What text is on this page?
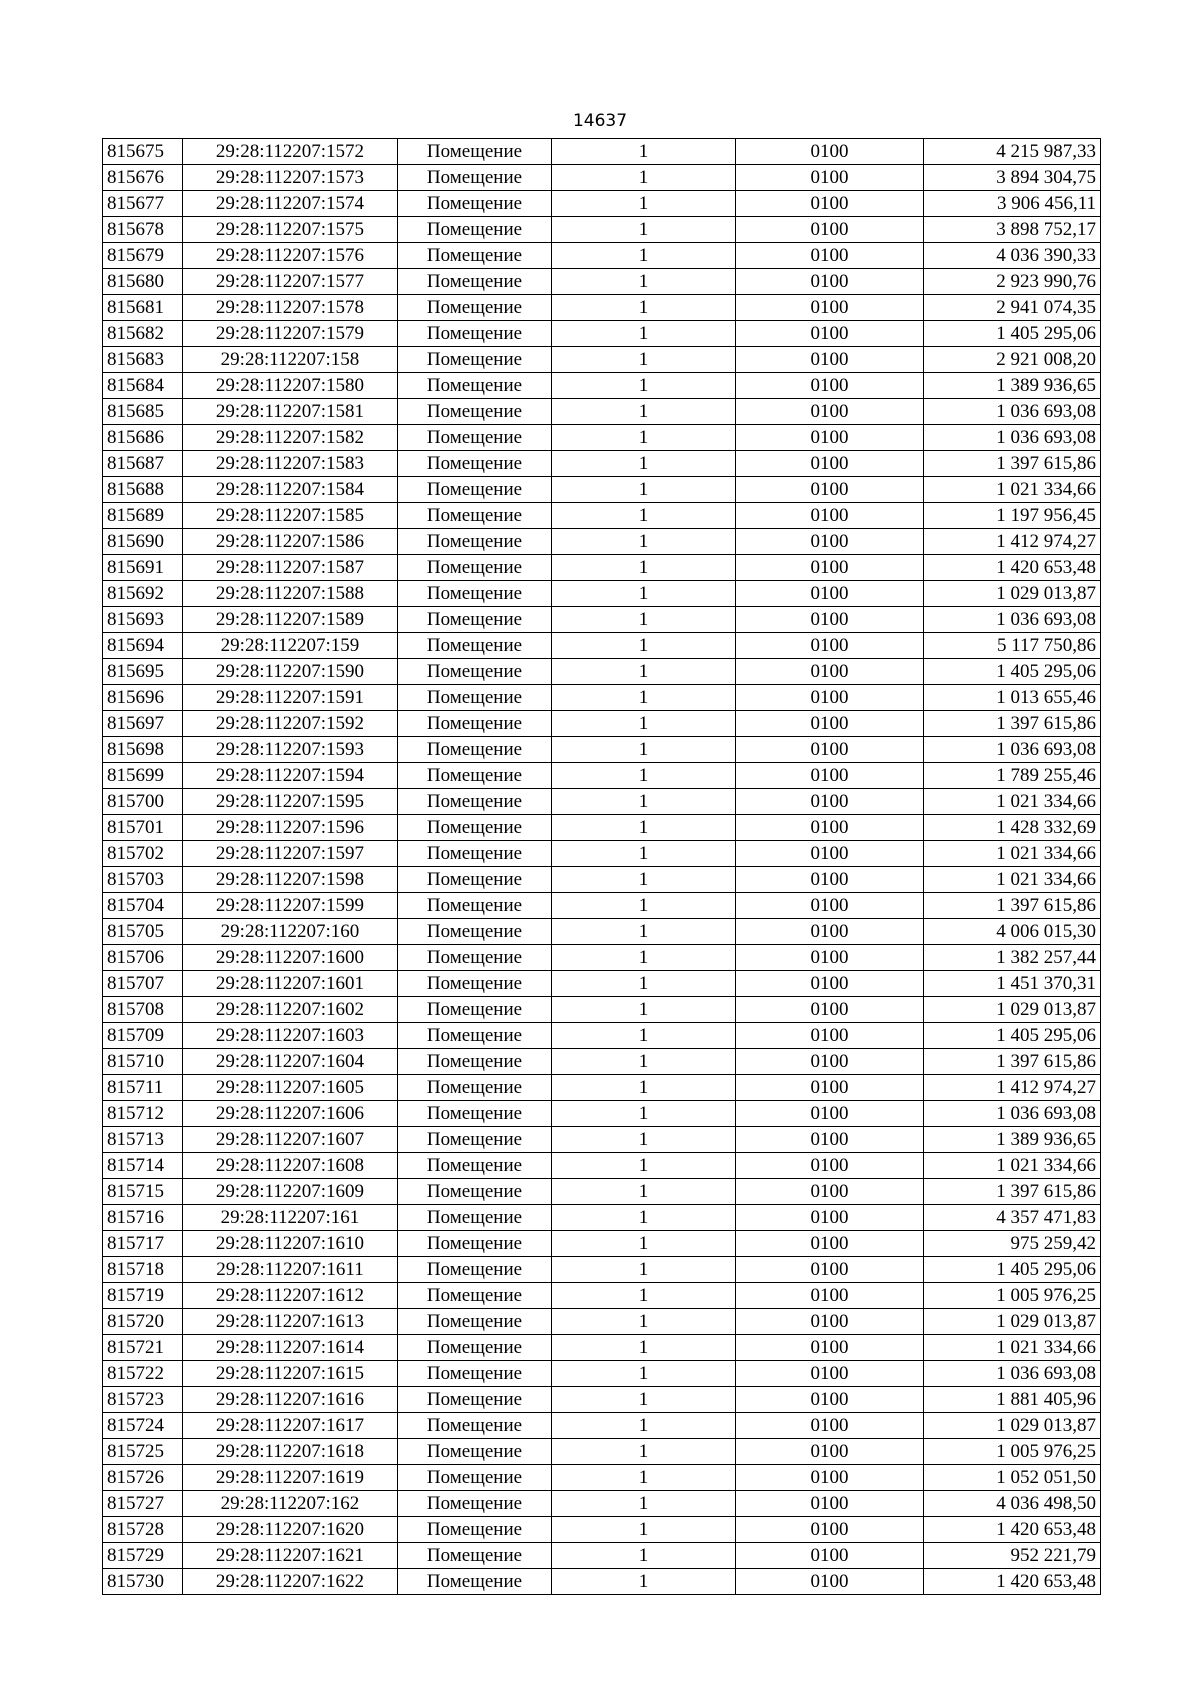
14637
815675	29:28:112207:1572	Помещение	1	0100	4 215 987,33
815676	29:28:112207:1573	Помещение	1	0100	3 894 304,75
815677	29:28:112207:1574	Помещение	1	0100	3 906 456,11
815678	29:28:112207:1575	Помещение	1	0100	3 898 752,17
815679	29:28:112207:1576	Помещение	1	0100	4 036 390,33
815680	29:28:112207:1577	Помещение	1	0100	2 923 990,76
815681	29:28:112207:1578	Помещение	1	0100	2 941 074,35
815682	29:28:112207:1579	Помещение	1	0100	1 405 295,06
815683	29:28:112207:158	Помещение	1	0100	2 921 008,20
815684	29:28:112207:1580	Помещение	1	0100	1 389 936,65
815685	29:28:112207:1581	Помещение	1	0100	1 036 693,08
815686	29:28:112207:1582	Помещение	1	0100	1 036 693,08
815687	29:28:112207:1583	Помещение	1	0100	1 397 615,86
815688	29:28:112207:1584	Помещение	1	0100	1 021 334,66
815689	29:28:112207:1585	Помещение	1	0100	1 197 956,45
815690	29:28:112207:1586	Помещение	1	0100	1 412 974,27
815691	29:28:112207:1587	Помещение	1	0100	1 420 653,48
815692	29:28:112207:1588	Помещение	1	0100	1 029 013,87
815693	29:28:112207:1589	Помещение	1	0100	1 036 693,08
815694	29:28:112207:159	Помещение	1	0100	5 117 750,86
815695	29:28:112207:1590	Помещение	1	0100	1 405 295,06
815696	29:28:112207:1591	Помещение	1	0100	1 013 655,46
815697	29:28:112207:1592	Помещение	1	0100	1 397 615,86
815698	29:28:112207:1593	Помещение	1	0100	1 036 693,08
815699	29:28:112207:1594	Помещение	1	0100	1 789 255,46
815700	29:28:112207:1595	Помещение	1	0100	1 021 334,66
815701	29:28:112207:1596	Помещение	1	0100	1 428 332,69
815702	29:28:112207:1597	Помещение	1	0100	1 021 334,66
815703	29:28:112207:1598	Помещение	1	0100	1 021 334,66
815704	29:28:112207:1599	Помещение	1	0100	1 397 615,86
815705	29:28:112207:160	Помещение	1	0100	4 006 015,30
815706	29:28:112207:1600	Помещение	1	0100	1 382 257,44
815707	29:28:112207:1601	Помещение	1	0100	1 451 370,31
815708	29:28:112207:1602	Помещение	1	0100	1 029 013,87
815709	29:28:112207:1603	Помещение	1	0100	1 405 295,06
815710	29:28:112207:1604	Помещение	1	0100	1 397 615,86
815711	29:28:112207:1605	Помещение	1	0100	1 412 974,27
815712	29:28:112207:1606	Помещение	1	0100	1 036 693,08
815713	29:28:112207:1607	Помещение	1	0100	1 389 936,65
815714	29:28:112207:1608	Помещение	1	0100	1 021 334,66
815715	29:28:112207:1609	Помещение	1	0100	1 397 615,86
815716	29:28:112207:161	Помещение	1	0100	4 357 471,83
815717	29:28:112207:1610	Помещение	1	0100	975 259,42
815718	29:28:112207:1611	Помещение	1	0100	1 405 295,06
815719	29:28:112207:1612	Помещение	1	0100	1 005 976,25
815720	29:28:112207:1613	Помещение	1	0100	1 029 013,87
815721	29:28:112207:1614	Помещение	1	0100	1 021 334,66
815722	29:28:112207:1615	Помещение	1	0100	1 036 693,08
815723	29:28:112207:1616	Помещение	1	0100	1 881 405,96
815724	29:28:112207:1617	Помещение	1	0100	1 029 013,87
815725	29:28:112207:1618	Помещение	1	0100	1 005 976,25
815726	29:28:112207:1619	Помещение	1	0100	1 052 051,50
815727	29:28:112207:162	Помещение	1	0100	4 036 498,50
815728	29:28:112207:1620	Помещение	1	0100	1 420 653,48
815729	29:28:112207:1621	Помещение	1	0100	952 221,79
815730	29:28:112207:1622	Помещение	1	0100	1 420 653,48
